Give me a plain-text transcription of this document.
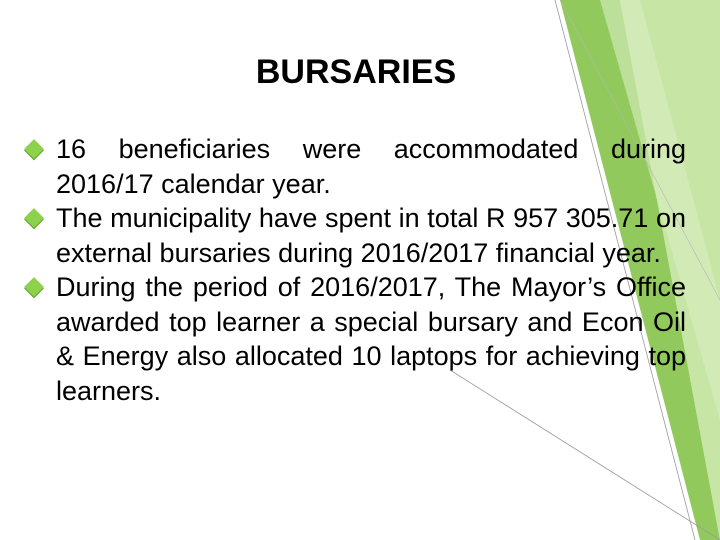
BURSARIES
16 beneficiaries were accommodated during 2016/17 calendar year.
The municipality have spent in total R 957 305.71 on external bursaries during 2016/2017 financial year.
During the period of 2016/2017, The Mayor’s Office awarded top learner a special bursary and Econ Oil & Energy also allocated 10 laptops for achieving top learners.
